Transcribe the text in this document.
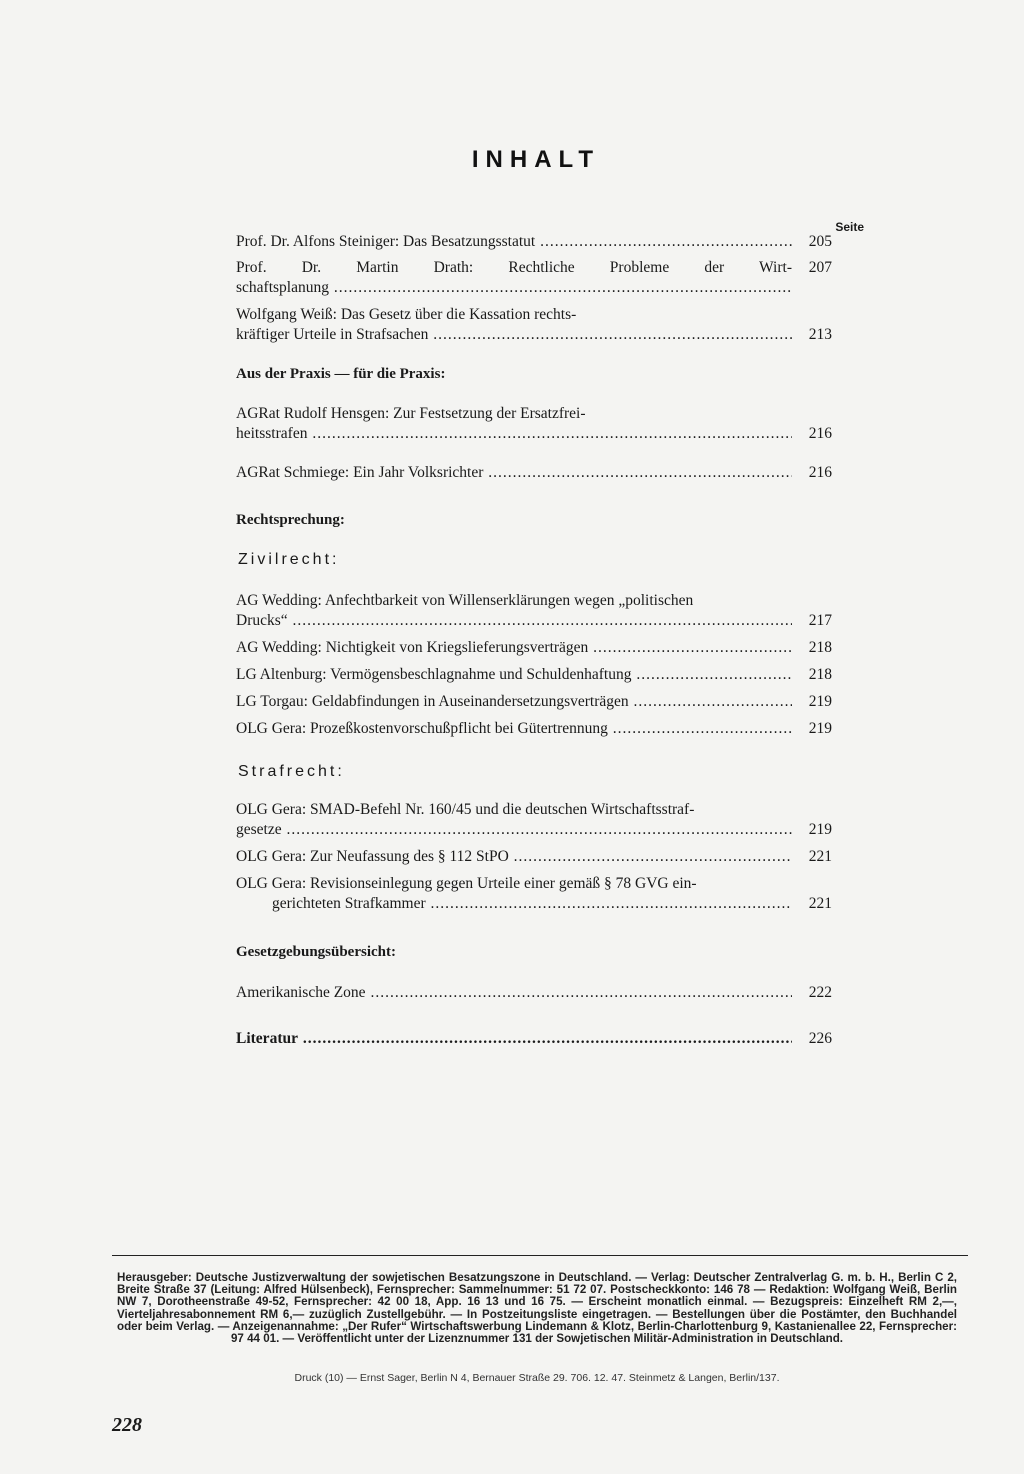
INHALT
Seite
Prof. Dr. Alfons Steiniger: Das Besatzungsstatut .....	205
Prof. Dr. Martin Drath: Rechtliche Probleme der Wirt-	207
schaftsplanung .....
Wolfgang Weiß: Das Gesetz über die Kassation rechts-
kräftiger Urteile in Strafsachen .....	213
Aus der Praxis — für die Praxis:
AGRat Rudolf Hensgen: Zur Festsetzung der Ersatzfrei-
heitsstrafen .....	216
AGRat Schmiege: Ein Jahr Volksrichter .....	216
Rechtsprechung:
Zivilrecht:
AG Wedding: Anfechtbarkeit von Willenserklärungen wegen „politischen
Drucks“ .....	217
AG Wedding: Nichtigkeit von Kriegslieferungsverträgen .....	218
LG Altenburg: Vermögensbeschlagnahme und Schuldenhaftung .....	218
LG Torgau: Geldabfindungen in Auseinandersetzungsverträgen .....	219
OLG Gera: Prozeßkostenvorschußpflicht bei Gütertrennung .....	219
Strafrecht:
OLG Gera: SMAD-Befehl Nr. 160/45 und die deutschen Wirtschaftsstraf-
gesetze .....	219
OLG Gera: Zur Neufassung des § 112 StPO .....	221
OLG Gera: Revisionseinlegung gegen Urteile einer gemäß § 78 GVG ein-
gerichteten Strafkammer .....	221
Gesetzgebungsübersicht:
Amerikanische Zone .....	222
Literatur .....	226
Herausgeber: Deutsche Justizverwaltung der sowjetischen Besatzungszone in Deutschland. — Verlag: Deutscher Zentralverlag G. m. b. H., Berlin C 2, Breite Straße 37 (Leitung: Alfred Hülsenbeck), Fernsprecher: Sammelnummer: 51 72 07. Postscheckkonto: 146 78 — Redaktion: Wolfgang Weiß, Berlin NW 7, Dorotheenstraße 49-52, Fernsprecher: 42 00 18, App. 16 13 und 16 75. — Erscheint monatlich einmal. — Bezugspreis: Einzelheft RM 2,—, Vierteljahresabonnement RM 6,— zuzüglich Zustellgebühr. — In Postzeitungsliste eingetragen. — Bestellungen über die Postämter, den Buchhandel oder beim Verlag. — Anzeigenannahme: „Der Rufer“ Wirtschaftswerbung Lindemann & Klotz, Berlin-Charlottenburg 9, Kastanienallee 22, Fernsprecher: 97 44 01. — Veröffentlicht unter der Lizenznummer 131 der Sowjetischen Militär-Administration in Deutschland.
Druck (10) — Ernst Sager, Berlin N 4, Bernauer Straße 29. 706. 12. 47. Steinmetz & Langen, Berlin/137.
228
